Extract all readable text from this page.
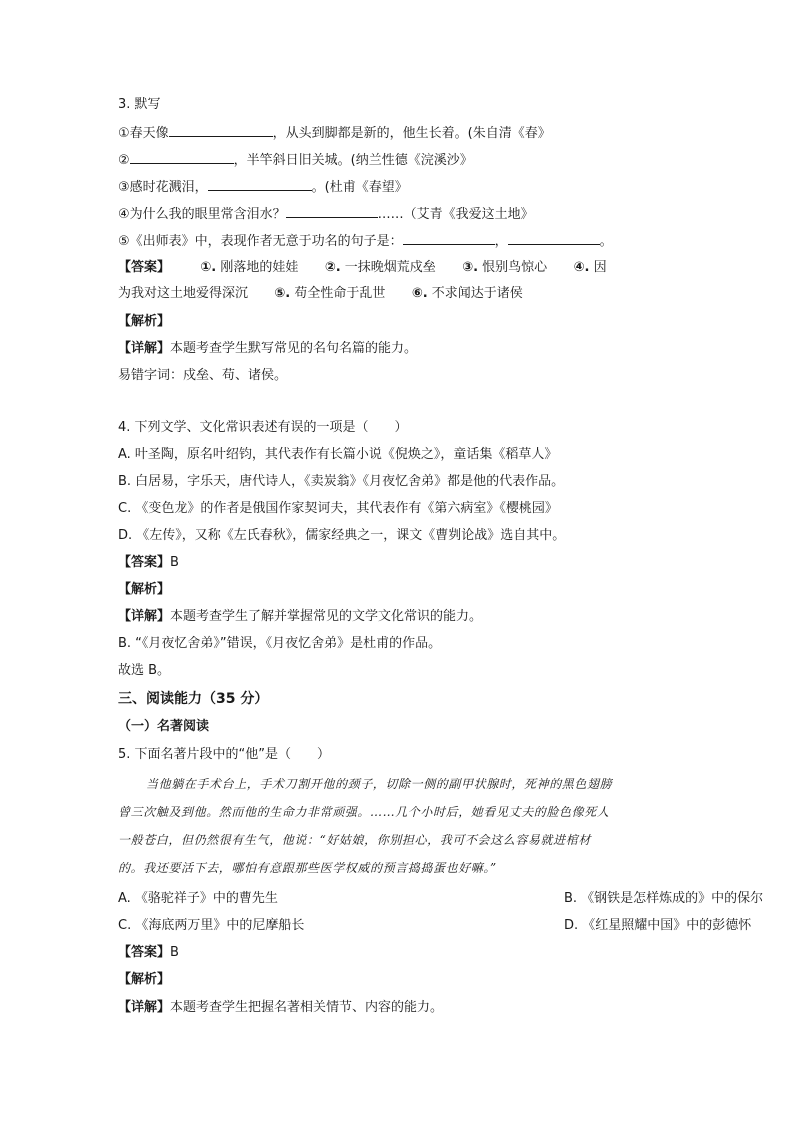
3. 默写
①春天像	，从头到脚都是新的，他生长着。(朱自清《春》
②	，半竿斜日旧关城。(纳兰性德《浣溪沙》
③感时花溅泪，	。(杜甫《春望》
④为什么我的眼里常含泪水？	……（艾青《我爱这土地》
⑤《出师表》中，表现作者无意于功名的句子是：	，	。
【答案】 ①. 刚落地的娃娃 ②. 一抹晚烟荒戍垒 ③. 恨别鸟惊心 ④. 因
为我对这土地爱得深沉 ⑤. 苟全性命于乱世 ⑥. 不求闻达于诸侯
【解析】
【详解】本题考查学生默写常见的名句名篇的能力。
易错字词：戍垒、苟、诸侯。
4. 下列文学、文化常识表述有误的一项是（　　）
A. 叶圣陶，原名叶绍钧，其代表作有长篇小说《倪焕之》，童话集《稻草人》
B. 白居易，字乐天，唐代诗人，《卖炭翁》《月夜忆舍弟》都是他的代表作品。
C. 《变色龙》的作者是俄国作家契诃夫，其代表作有《第六病室》《樱桃园》
D. 《左传》，又称《左氏春秋》，儒家经典之一，课文《曹刿论战》选自其中。
【答案】B
【解析】
【详解】本题考查学生了解并掌握常见的文学文化常识的能力。
B. “《月夜忆舍弟》”错误，《月夜忆舍弟》是杜甫的作品。
故选 B。
三、阅读能力（35 分）
（一）名著阅读
5. 下面名著片段中的“他”是（　　）
当他躺在手术台上，手术刀割开他的颈子，切除一侧的副甲状腺时，死神的黑色翅膀
曾三次触及到他。然而他的生命力非常顽强。……几个小时后，她看见丈夫的脸色像死人
一般苍白，但仍然很有生气，他说：“好姑娘，你别担心，我可不会这么容易就进棺材
的。我还要活下去，哪怕有意跟那些医学权威的预言捣捣蛋也好嘛。”
A. 《骆驼祥子》中的曹先生	B. 《钢铁是怎样炼成的》中的保尔
C. 《海底两万里》中的尼摩船长	D. 《红星照耀中国》中的彭德怀
【答案】B
【解析】
【详解】本题考查学生把握名著相关情节、内容的能力。
